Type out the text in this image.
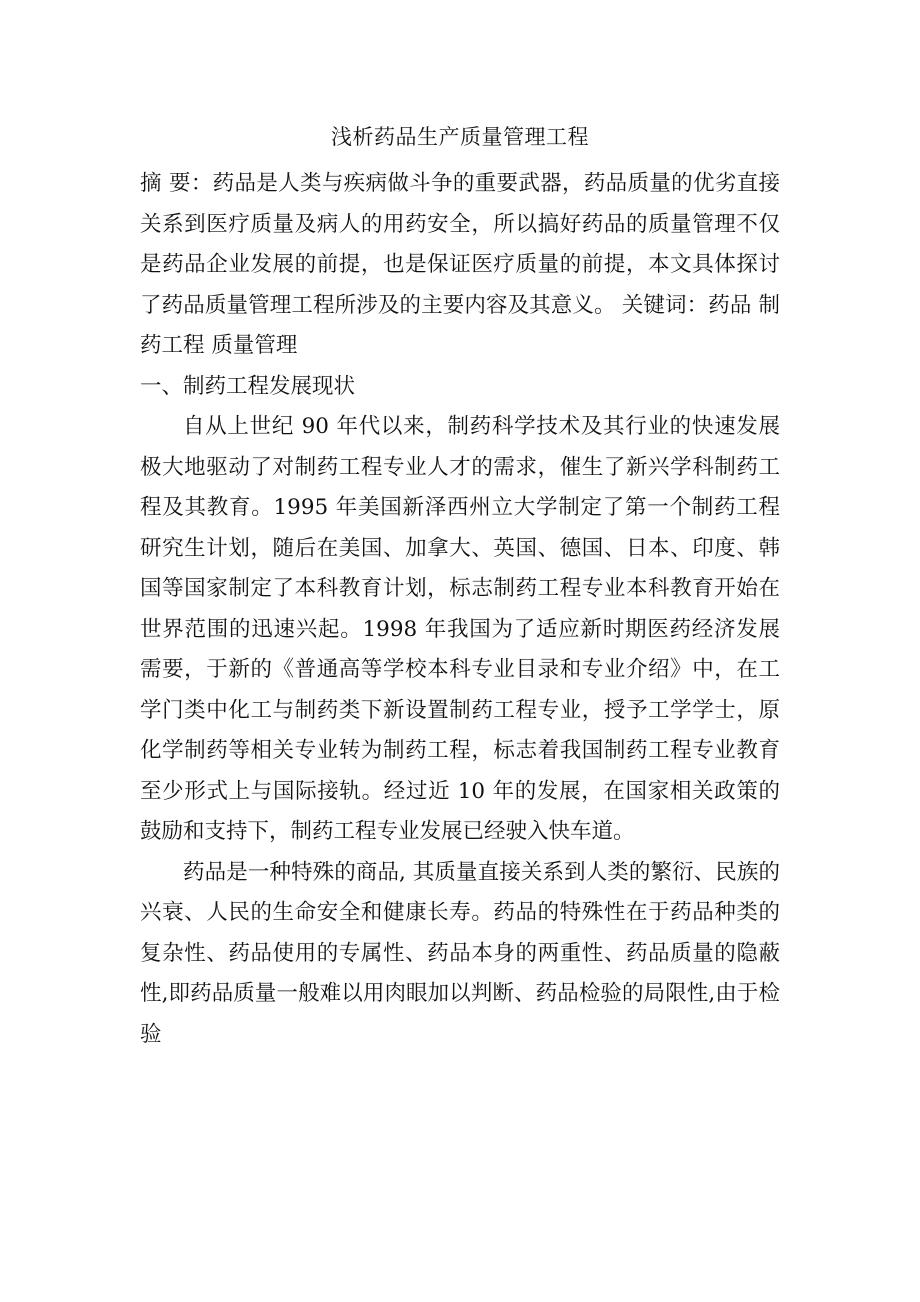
浅析药品生产质量管理工程

摘 要：药品是人类与疾病做斗争的重要武器，药品质量的优劣直接关系到医疗质量及病人的用药安全，所以搞好药品的质量管理不仅是药品企业发展的前提，也是保证医疗质量的前提，本文具体探讨了药品质量管理工程所涉及的主要内容及其意义。 关键词：药品 制药工程 质量管理

一、制药工程发展现状

自从上世纪 90 年代以来，制药科学技术及其行业的快速发展极大地驱动了对制药工程专业人才的需求，催生了新兴学科制药工程及其教育。1995 年美国新泽西州立大学制定了第一个制药工程研究生计划，随后在美国、加拿大、英国、德国、日本、印度、韩国等国家制定了本科教育计划，标志制药工程专业本科教育开始在世界范围的迅速兴起。1998 年我国为了适应新时期医药经济发展需要，于新的《普通高等学校本科专业目录和专业介绍》中，在工学门类中化工与制药类下新设置制药工程专业，授予工学学士，原化学制药等相关专业转为制药工程，标志着我国制药工程专业教育至少形式上与国际接轨。经过近 10 年的发展，在国家相关政策的鼓励和支持下，制药工程专业发展已经驶入快车道。

药品是一种特殊的商品, 其质量直接关系到人类的繁衍、民族的兴衰、人民的生命安全和健康长寿。药品的特殊性在于药品种类的复杂性、药品使用的专属性、药品本身的两重性、药品质量的隐蔽性,即药品质量一般难以用肉眼加以判断、药品检验的局限性,由于检验
